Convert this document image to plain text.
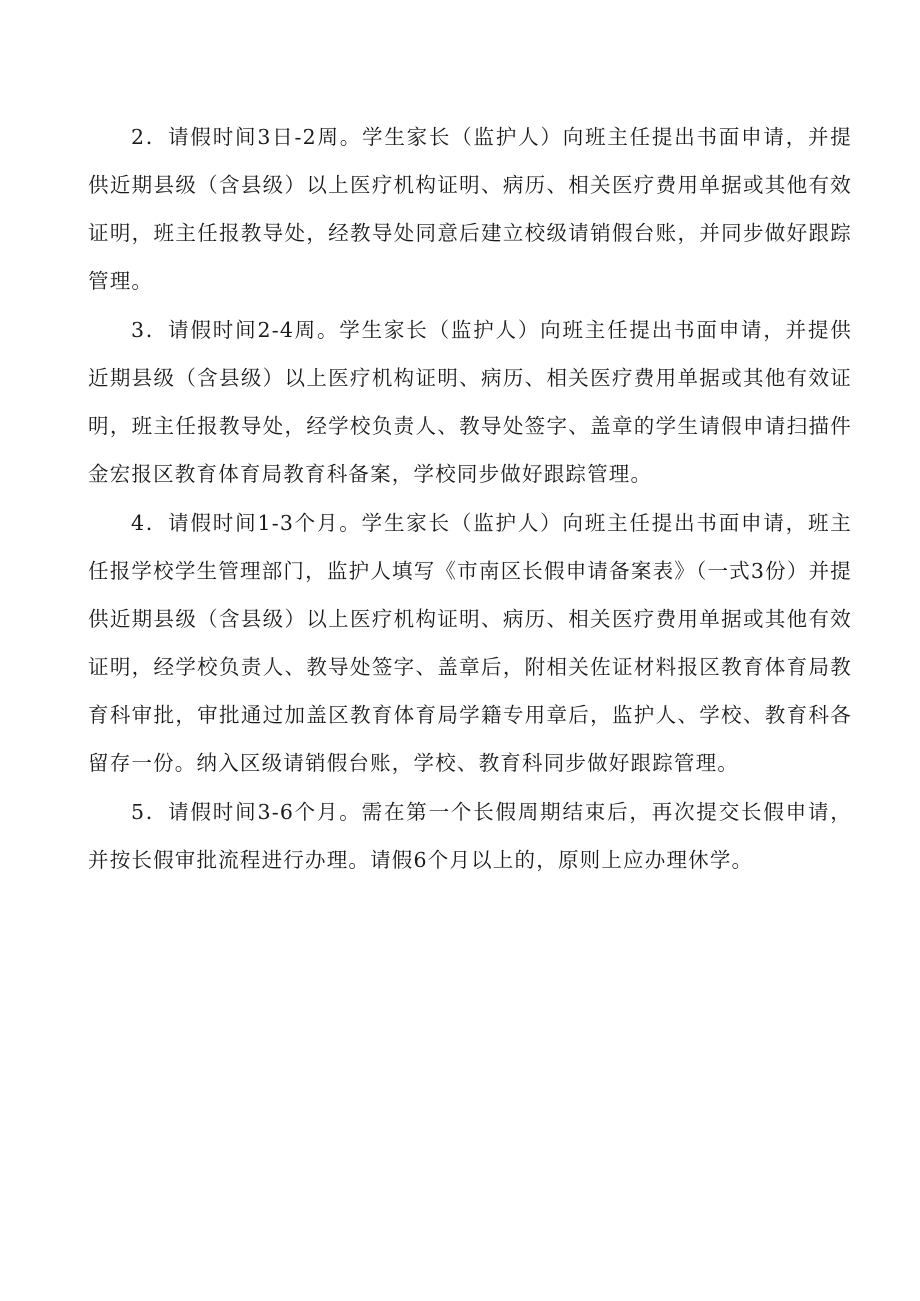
2．请假时间3日-2周。学生家长（监护人）向班主任提出书面申请，并提供近期县级（含县级）以上医疗机构证明、病历、相关医疗费用单据或其他有效证明，班主任报教导处，经教导处同意后建立校级请销假台账，并同步做好跟踪管理。

3．请假时间2-4周。学生家长（监护人）向班主任提出书面申请，并提供近期县级（含县级）以上医疗机构证明、病历、相关医疗费用单据或其他有效证明，班主任报教导处，经学校负责人、教导处签字、盖章的学生请假申请扫描件金宏报区教育体育局教育科备案，学校同步做好跟踪管理。

4．请假时间1-3个月。学生家长（监护人）向班主任提出书面申请，班主任报学校学生管理部门，监护人填写《市南区长假申请备案表》（一式3份）并提供近期县级（含县级）以上医疗机构证明、病历、相关医疗费用单据或其他有效证明，经学校负责人、教导处签字、盖章后，附相关佐证材料报区教育体育局教育科审批，审批通过加盖区教育体育局学籍专用章后，监护人、学校、教育科各留存一份。纳入区级请销假台账，学校、教育科同步做好跟踪管理。

5．请假时间3-6个月。需在第一个长假周期结束后，再次提交长假申请，并按长假审批流程进行办理。请假6个月以上的，原则上应办理休学。
